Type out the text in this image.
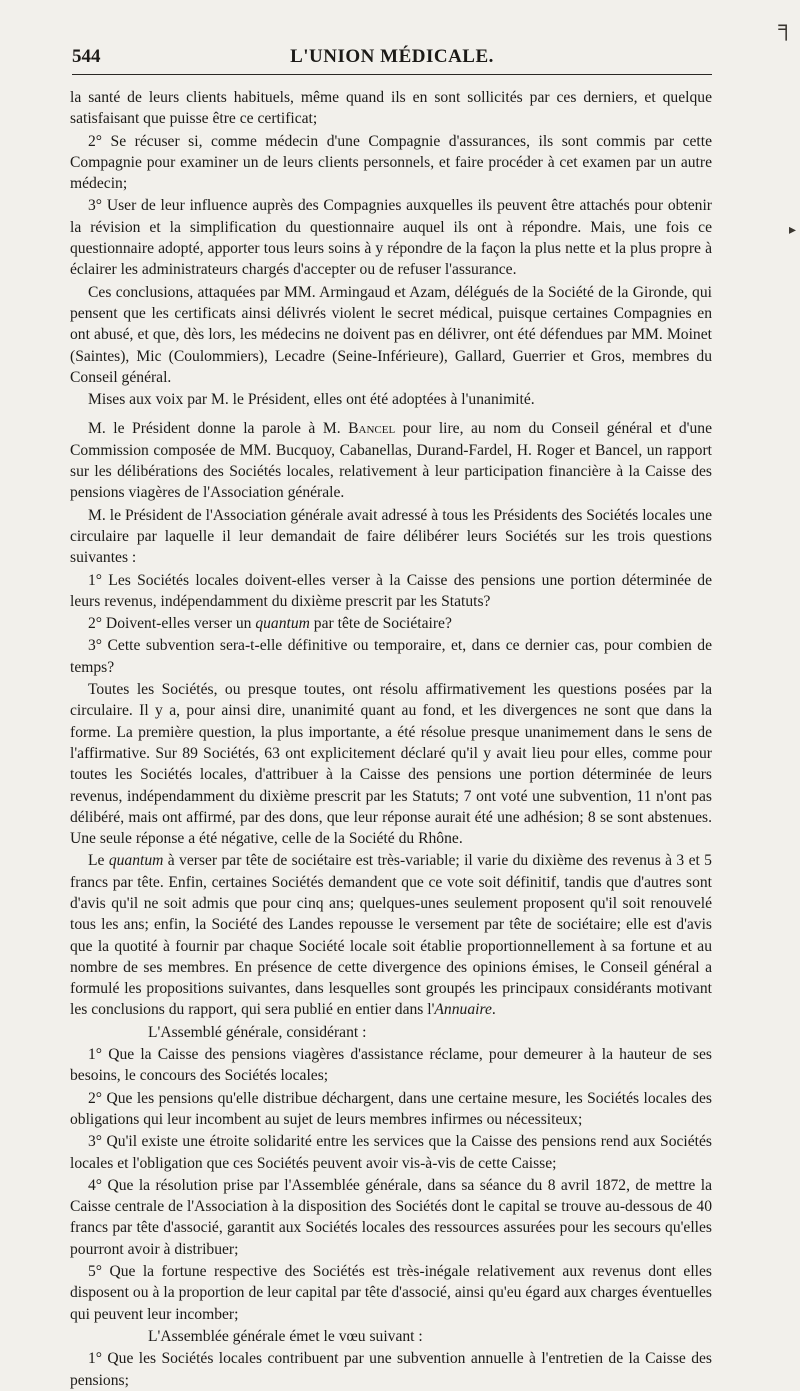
544	L'UNION MÉDICALE.

la santé de leurs clients habituels, même quand ils en sont sollicités par ces derniers, et quelque satisfaisant que puisse être ce certificat;

2° Se récuser si, comme médecin d'une Compagnie d'assurances, ils sont commis par cette Compagnie pour examiner un de leurs clients personnels, et faire procéder à cet examen par un autre médecin;

3° User de leur influence auprès des Compagnies auxquelles ils peuvent être attachés pour obtenir la révision et la simplification du questionnaire auquel ils ont à répondre. Mais, une fois ce questionnaire adopté, apporter tous leurs soins à y répondre de la façon la plus nette et la plus propre à éclairer les administrateurs chargés d'accepter ou de refuser l'assurance.

Ces conclusions, attaquées par MM. Armingaud et Azam, délégués de la Société de la Gironde, qui pensent que les certificats ainsi délivrés violent le secret médical, puisque certaines Compagnies en ont abusé, et que, dès lors, les médecins ne doivent pas en délivrer, ont été défendues par MM. Moinet (Saintes), Mic (Coulommiers), Lecadre (Seine-Inférieure), Gallard, Guerrier et Gros, membres du Conseil général.

Mises aux voix par M. le Président, elles ont été adoptées à l'unanimité.

M. le Président donne la parole à M. Bancel pour lire, au nom du Conseil général et d'une Commission composée de MM. Bucquoy, Cabanellas, Durand-Fardel, H. Roger et Bancel, un rapport sur les délibérations des Sociétés locales, relativement à leur participation financière à la Caisse des pensions viagères de l'Association générale.

M. le Président de l'Association générale avait adressé à tous les Présidents des Sociétés locales une circulaire par laquelle il leur demandait de faire délibérer leurs Sociétés sur les trois questions suivantes :

1° Les Sociétés locales doivent-elles verser à la Caisse des pensions une portion déterminée de leurs revenus, indépendamment du dixième prescrit par les Statuts?

2° Doivent-elles verser un quantum par tête de Sociétaire?

3° Cette subvention sera-t-elle définitive ou temporaire, et, dans ce dernier cas, pour combien de temps?

Toutes les Sociétés, ou presque toutes, ont résolu affirmativement les questions posées par la circulaire. Il y a, pour ainsi dire, unanimité quant au fond, et les divergences ne sont que dans la forme. La première question, la plus importante, a été résolue presque unanimement dans le sens de l'affirmative. Sur 89 Sociétés, 63 ont explicitement déclaré qu'il y avait lieu pour elles, comme pour toutes les Sociétés locales, d'attribuer à la Caisse des pensions une portion déterminée de leurs revenus, indépendamment du dixième prescrit par les Statuts; 7 ont voté une subvention, 11 n'ont pas délibéré, mais ont affirmé, par des dons, que leur réponse aurait été une adhésion; 8 se sont abstenues. Une seule réponse a été négative, celle de la Société du Rhône.

Le quantum à verser par tête de sociétaire est très-variable; il varie du dixième des revenus à 3 et 5 francs par tête. Enfin, certaines Sociétés demandent que ce vote soit définitif, tandis que d'autres sont d'avis qu'il ne soit admis que pour cinq ans; quelques-unes seulement proposent qu'il soit renouvelé tous les ans; enfin, la Société des Landes repousse le versement par tête de sociétaire; elle est d'avis que la quotité à fournir par chaque Société locale soit établie proportionnellement à sa fortune et au nombre de ses membres. En présence de cette divergence des opinions émises, le Conseil général a formulé les propositions suivantes, dans lesquelles sont groupés les principaux considérants motivant les conclusions du rapport, qui sera publié en entier dans l'Annuaire.

L'Assemblé générale, considérant :

1° Que la Caisse des pensions viagères d'assistance réclame, pour demeurer à la hauteur de ses besoins, le concours des Sociétés locales;

2° Que les pensions qu'elle distribue déchargent, dans une certaine mesure, les Sociétés locales des obligations qui leur incombent au sujet de leurs membres infirmes ou nécessiteux;

3° Qu'il existe une étroite solidarité entre les services que la Caisse des pensions rend aux Sociétés locales et l'obligation que ces Sociétés peuvent avoir vis-à-vis de cette Caisse;

4° Que la résolution prise par l'Assemblée générale, dans sa séance du 8 avril 1872, de mettre la Caisse centrale de l'Association à la disposition des Sociétés dont le capital se trouve au-dessous de 40 francs par tête d'associé, garantit aux Sociétés locales des ressources assurées pour les secours qu'elles pourront avoir à distribuer;

5° Que la fortune respective des Sociétés est très-inégale relativement aux revenus dont elles disposent ou à la proportion de leur capital par tête d'associé, ainsi qu'eu égard aux charges éventuelles qui peuvent leur incomber;

L'Assemblée générale émet le vœu suivant :

1° Que les Sociétés locales contribuent par une subvention annuelle à l'entretien de la Caisse des pensions;

╕
▸
